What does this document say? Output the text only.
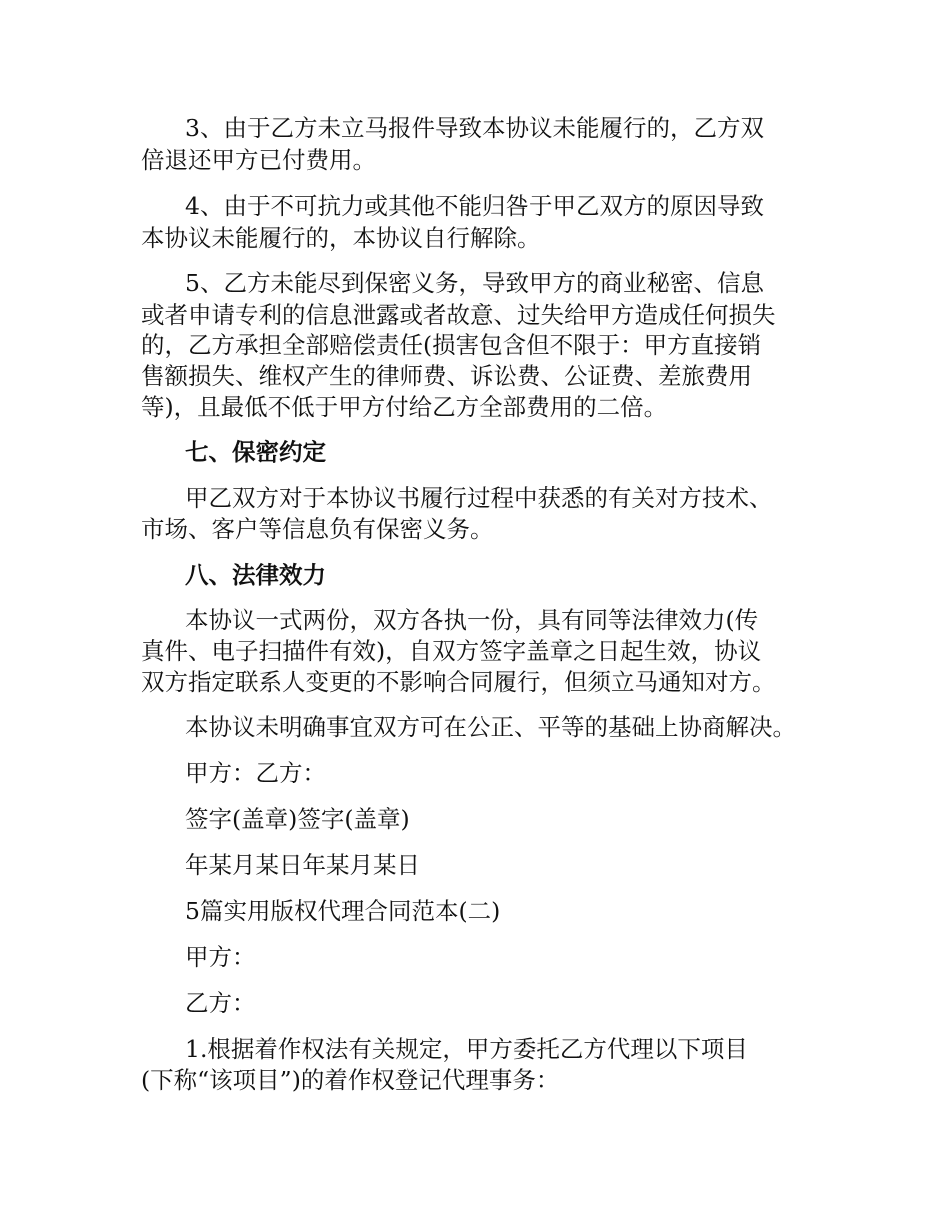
3、由于乙方未立马报件导致本协议未能履行的，乙方双

倍退还甲方已付费用。

4、由于不可抗力或其他不能归咎于甲乙双方的原因导致

本协议未能履行的，本协议自行解除。

5、乙方未能尽到保密义务，导致甲方的商业秘密、信息

或者申请专利的信息泄露或者故意、过失给甲方造成任何损失

的，乙方承担全部赔偿责任(损害包含但不限于：甲方直接销

售额损失、维权产生的律师费、诉讼费、公证费、差旅费用

等)，且最低不低于甲方付给乙方全部费用的二倍。

七、保密约定

甲乙双方对于本协议书履行过程中获悉的有关对方技术、

市场、客户等信息负有保密义务。

八、法律效力

本协议一式两份，双方各执一份，具有同等法律效力(传

真件、电子扫描件有效)，自双方签字盖章之日起生效，协议

双方指定联系人变更的不影响合同履行，但须立马通知对方。

本协议未明确事宜双方可在公正、平等的基础上协商解决。

甲方：乙方：

签字(盖章)签字(盖章)

年某月某日年某月某日

5篇实用版权代理合同范本(二)

甲方：

乙方：

1.根据着作权法有关规定，甲方委托乙方代理以下项目

(下称“该项目”)的着作权登记代理事务：
